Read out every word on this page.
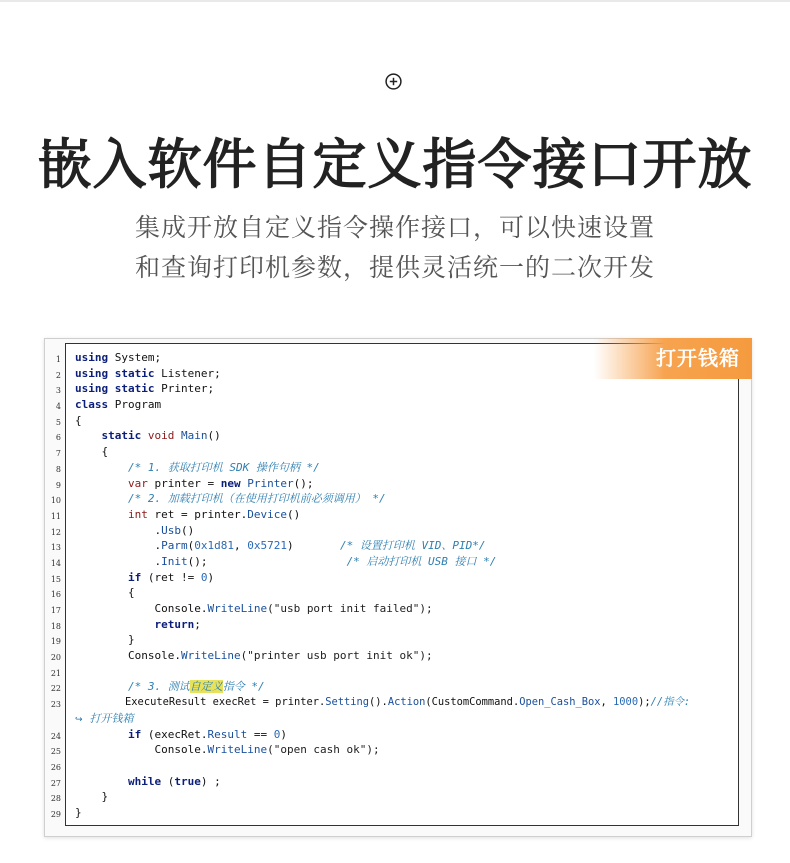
嵌入软件自定义指令接口开放
集成开放自定义指令操作接口，可以快速设置
和查询打印机参数，提供灵活统一的二次开发
1
2
3
4
5
6
7
8
9
10
11
12
13
14
15
16
17
18
19
20
21
22
23
24
25
26
27
28
29
using System;
using static Listener;
using static Printer;
class Program
{
static void Main()
{
/* 1. 获取打印机 SDK 操作句柄 */
var printer = new Printer();
/* 2. 加载打印机（在使用打印机前必须调用） */
int ret = printer.Device()
.Usb()
.Parm(0x1d81, 0x5721)	/* 设置打印机 VID、PID*/
.Init();	/* 启动打印机 USB 接口 */
if (ret != 0)
{
Console.WriteLine("usb port init failed");
return;
}
Console.WriteLine("printer usb port init ok");
/* 3. 测试自定义指令 */
ExecuteResult execRet = printer.Setting().Action(CustomCommand.Open_Cash_Box, 1000);//指令:
↪ 打开钱箱
if (execRet.Result == 0)
Console.WriteLine("open cash ok");
while (true) ;
}
}
打开钱箱
